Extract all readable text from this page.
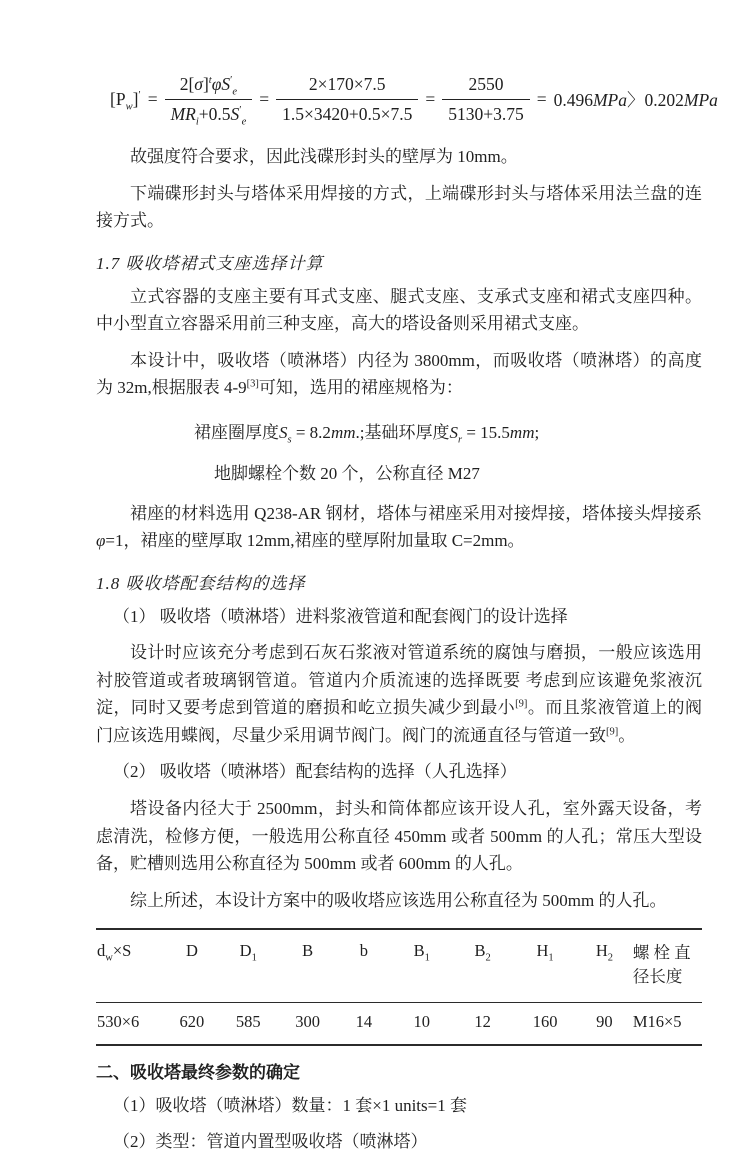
$[P_w]' = \frac{2[\sigma]^t\varphi S'_e}{MR_i+0.5S'_e} = \frac{2\times 170\times 7.5}{1.5\times 3420+0.5\times 7.5} = \frac{2550}{5130+3.75} = 0.496MPa$〉0.202MPa

故强度符合要求，因此浅碟形封头的壁厚为 10mm。

下端碟形封头与塔体采用焊接的方式，上端碟形封头与塔体采用法兰盘的连接方式。

1.7 吸收塔裙式支座选择计算

立式容器的支座主要有耳式支座、腿式支座、支承式支座和裙式支座四种。中小型直立容器采用前三种支座，高大的塔设备则采用裙式支座。

本设计中，吸收塔（喷淋塔）内径为 3800mm，而吸收塔（喷淋塔）的高度为 32m,根据服表 4-9[3]可知，选用的裙座规格为：

裙座圈厚度$S_s = 8.2mm$.;基础环厚度$S_r = 15.5mm$;
地脚螺栓个数 20 个，公称直径 M27

裙座的材料选用 Q238-AR 钢材，塔体与裙座采用对接焊接，塔体接头焊接系 φ=1，裙座的壁厚取 12mm,裙座的壁厚附加量取 C=2mm。

1.8 吸收塔配套结构的选择

（1） 吸收塔（喷淋塔）进料浆液管道和配套阀门的设计选择

设计时应该充分考虑到石灰石浆液对管道系统的腐蚀与磨损，一般应该选用衬胶管道或者玻璃钢管道。管道内介质流速的选择既要 考虑到应该避免浆液沉淀，同时又要考虑到管道的磨损和屹立损失减少到最小[9]。而且浆液管道上的阀门应该选用蝶阀，尽量少采用调节阀门。阀门的流通直径与管道一致[9]。

（2） 吸收塔（喷淋塔）配套结构的选择（人孔选择）

塔设备内径大于 2500mm，封头和筒体都应该开设人孔，室外露天设备，考虑清洗，检修方便，一般选用公称直径 450mm 或者 500mm 的人孔；常压大型设备，贮槽则选用公称直径为 500mm 或者 600mm 的人孔。

综上所述，本设计方案中的吸收塔应该选用公称直径为 500mm 的人孔。

$d_w\times S$	D	$D_1$	B	b	$B_1$	$B_2$	$H_1$	$H_2$	螺 栓 直
径长度

530×6	620	585	300	14	10	12	160	90	M16×5
二、吸收塔最终参数的确定

（1）吸收塔（喷淋塔）数量：1 套×1 units=1 套

（2）类型：管道内置型吸收塔（喷淋塔）
